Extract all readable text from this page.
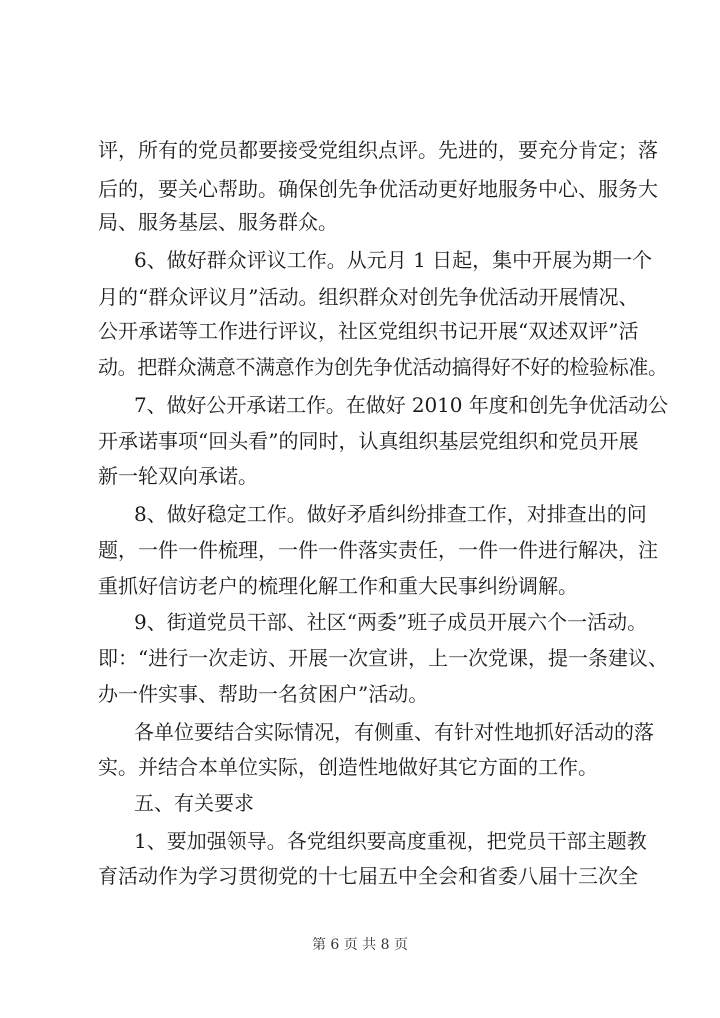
评，所有的党员都要接受党组织点评。先进的，要充分肯定；落
后的，要关心帮助。确保创先争优活动更好地服务中心、服务大
局、服务基层、服务群众。
6、做好群众评议工作。从元月 1 日起，集中开展为期一个
月的“群众评议月”活动。组织群众对创先争优活动开展情况、
公开承诺等工作进行评议，社区党组织书记开展“双述双评”活
动。把群众满意不满意作为创先争优活动搞得好不好的检验标准。
7、做好公开承诺工作。在做好 2010 年度和创先争优活动公
开承诺事项“回头看”的同时，认真组织基层党组织和党员开展
新一轮双向承诺。
8、做好稳定工作。做好矛盾纠纷排查工作，对排查出的问
题，一件一件梳理，一件一件落实责任，一件一件进行解决，注
重抓好信访老户的梳理化解工作和重大民事纠纷调解。
9、街道党员干部、社区“两委”班子成员开展六个一活动。
即：“进行一次走访、开展一次宣讲，上一次党课，提一条建议、
办一件实事、帮助一名贫困户”活动。
各单位要结合实际情况，有侧重、有针对性地抓好活动的落
实。并结合本单位实际，创造性地做好其它方面的工作。
五、有关要求
1、要加强领导。各党组织要高度重视，把党员干部主题教
育活动作为学习贯彻党的十七届五中全会和省委八届十三次全
第 6 页 共 8 页
